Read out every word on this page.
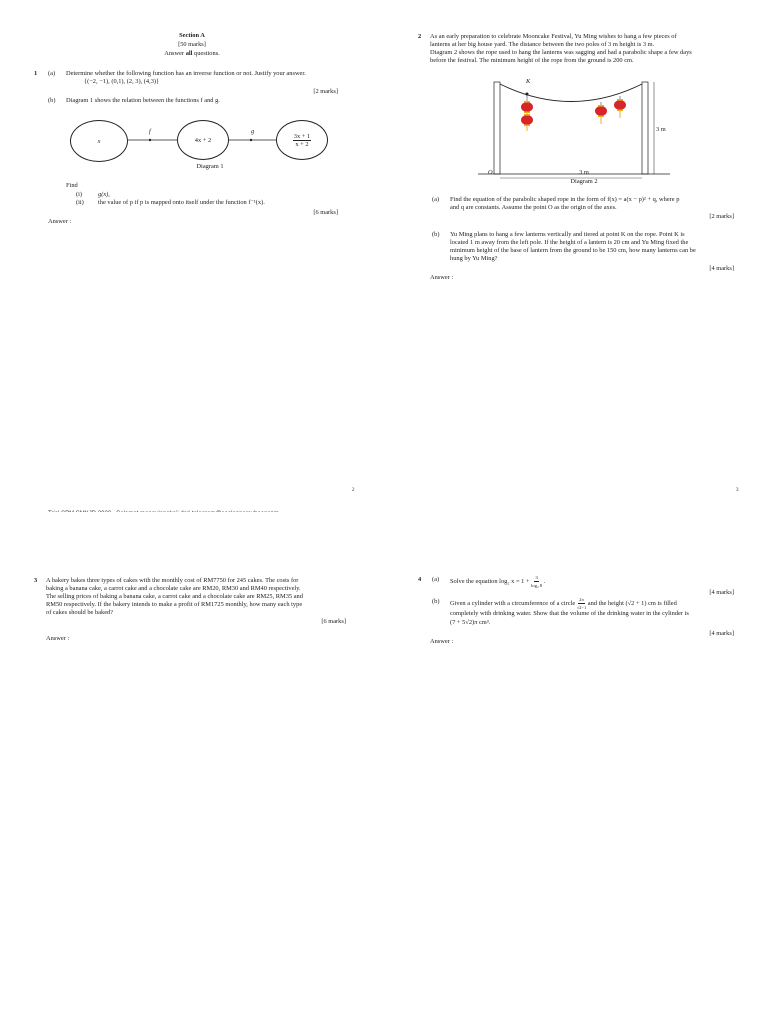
Section A
[50 marks]
Answer all questions.
1 (a) Determine whether the following function has an inverse function or not. Justify your answer.
{(−2, −1), (0,1), (2, 3), (4,3)}
[2 marks]
(b) Diagram 1 shows the relation between the functions f and g.
x	4x + 2	$\frac{3x + 1}{x + 2}$
f	g
Diagram 1
Find
(i) g(x),
(ii) the value of p if p is mapped onto itself under the function f⁻¹(x).
[6 marks]
Answer :
2
2 As an early preparation to celebrate Mooncake Festival, Yu Ming wishes to hang a few pieces of
lanterns at her big house yard. The distance between the two poles of 3 m height is 3 m.
Diagram 2 shows the rope used to hang the lanterns was sagging and had a parabolic shape a few days
before the festival. The minimum height of the rope from the ground is 200 cm.
K
O
3 m
3 m
Diagram 2
(a) Find the equation of the parabolic shaped rope in the form of f(x) = a(x − p)² + q, where p
and q are constants. Assume the point O as the origin of the axes.
[2 marks]
(b) Yu Ming plans to hang a few lanterns vertically and tiered at point K on the rope. Point K is
located 1 m away from the left pole. If the height of a lantern is 20 cm and Yu Ming fixed the
minimum height of the base of lantern from the ground to be 150 cm, how many lanterns can be
hung by Yu Ming?
[4 marks]
Answer :
3
3 A bakery bakes three types of cakes with the monthly cost of RM7750 for 245 cakes. The costs for
baking a banana cake, a carrot cake and a chocolate cake are RM20, RM30 and RM40 respectively.
The selling prices of baking a banana cake, a carrot cake and a chocolate cake are RM25, RM35 and
RM50 respectively. If the bakery intends to make a profit of RM1725 monthly, how many each type
of cakes should be baked?
[6 marks]
Answer :
4 (a) Solve the equation log₂ $x = 1 + \frac{3}{\text{log₂ 8}}$ .
[4 marks]
(b) Given a cylinder with a circumference of a circle $\frac{2\pi}{√2-1}$ and the height (√2 + 1) cm is filled
completely with drinking water. Show that the volume of the drinking water in the cylinder is
(7 + 5√2)π cm³.
[4 marks]
Answer :
